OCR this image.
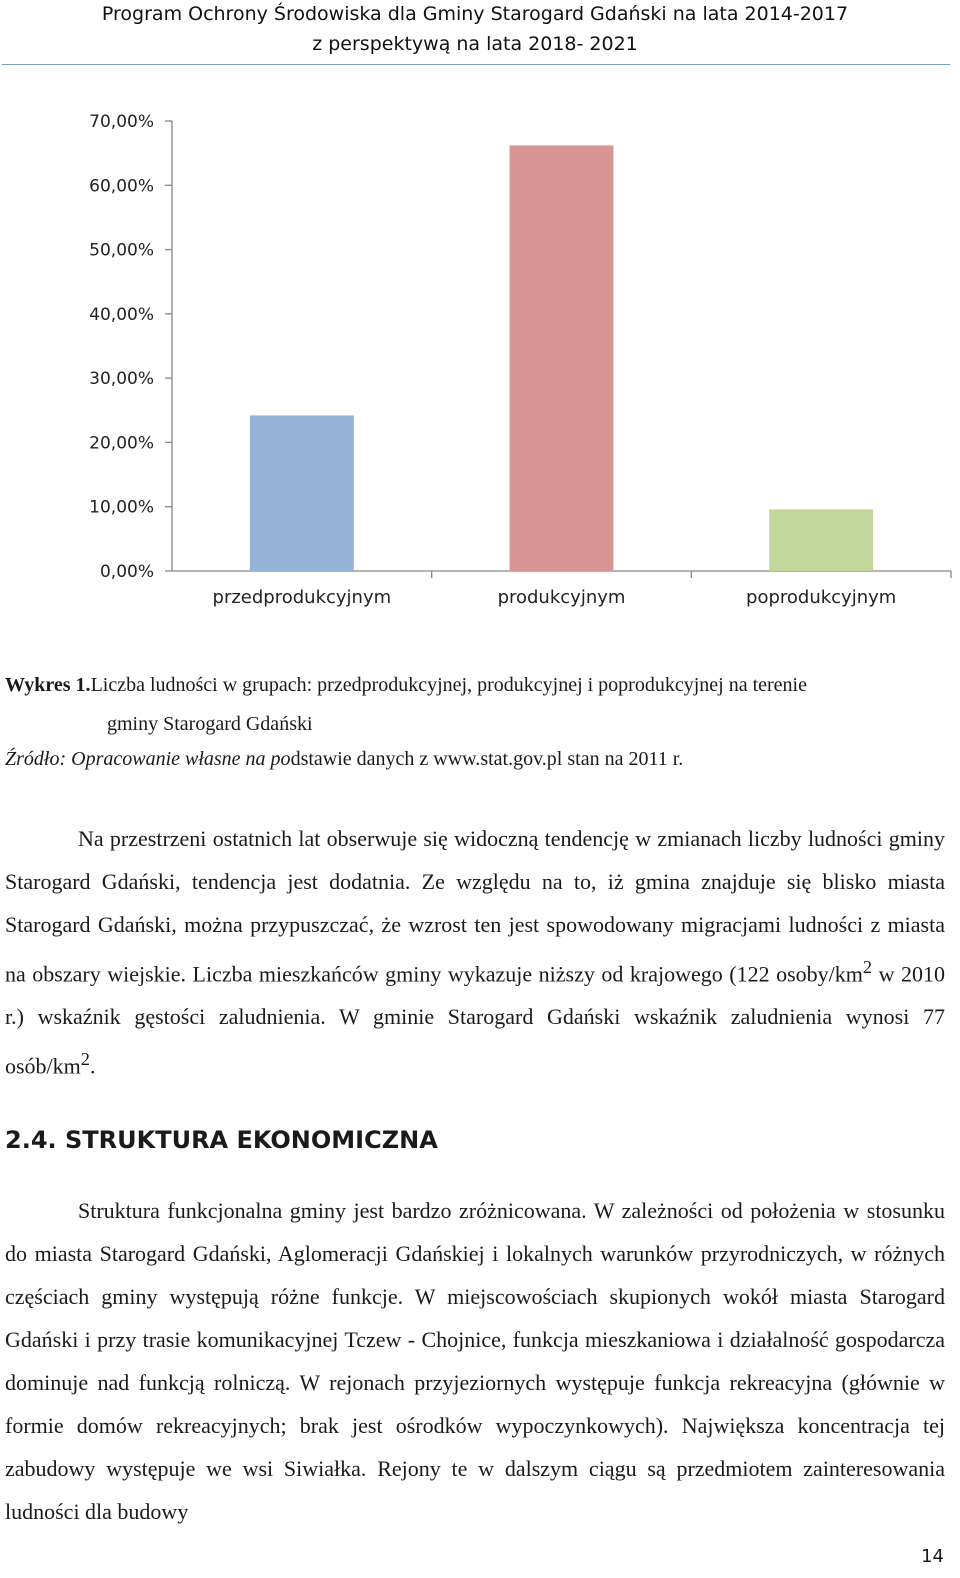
Program Ochrony Środowiska dla Gminy Starogard Gdański na lata 2014-2017
z perspektywą na lata 2018- 2021
0,00%
10,00%
20,00%
30,00%
40,00%
50,00%
60,00%
70,00%
przedprodukcyjnym	produkcyjnym	poprodukcyjnym
Wykres 1.Liczba ludności w grupach: przedprodukcyjnej, produkcyjnej i poprodukcyjnej na terenie
gminy Starogard Gdański
Źródło: Opracowanie własne na podstawie danych z www.stat.gov.pl stan na 2011 r.

Na przestrzeni ostatnich lat obserwuje się widoczną tendencję w zmianach liczby ludności gminy Starogard Gdański, tendencja jest dodatnia. Ze względu na to, iż gmina znajduje się blisko miasta Starogard Gdański, można przypuszczać, że wzrost ten jest spowodowany migracjami ludności z miasta na obszary wiejskie. Liczba mieszkańców gminy wykazuje niższy od krajowego (122 osoby/$km^2$ w 2010 r.) wskaźnik gęstości zaludnienia. W gminie Starogard Gdański wskaźnik zaludnienia wynosi 77 osób/$km^2$.

2.4. STRUKTURA EKONOMICZNA

Struktura funkcjonalna gminy jest bardzo zróżnicowana. W zależności od położenia w stosunku do miasta Starogard Gdański, Aglomeracji Gdańskiej i lokalnych warunków przyrodniczych, w różnych częściach gminy występują różne funkcje. W miejscowościach skupionych wokół miasta Starogard Gdański i przy trasie komunikacyjnej Tczew - Chojnice, funkcja mieszkaniowa i działalność gospodarcza dominuje nad funkcją rolniczą. W rejonach przyjeziornych występuje funkcja rekreacyjna (głównie w formie domów rekreacyjnych; brak jest ośrodków wypoczynkowych). Największa koncentracja tej zabudowy występuje we wsi Siwiałka. Rejony te w dalszym ciągu są przedmiotem zainteresowania ludności dla budowy

14
